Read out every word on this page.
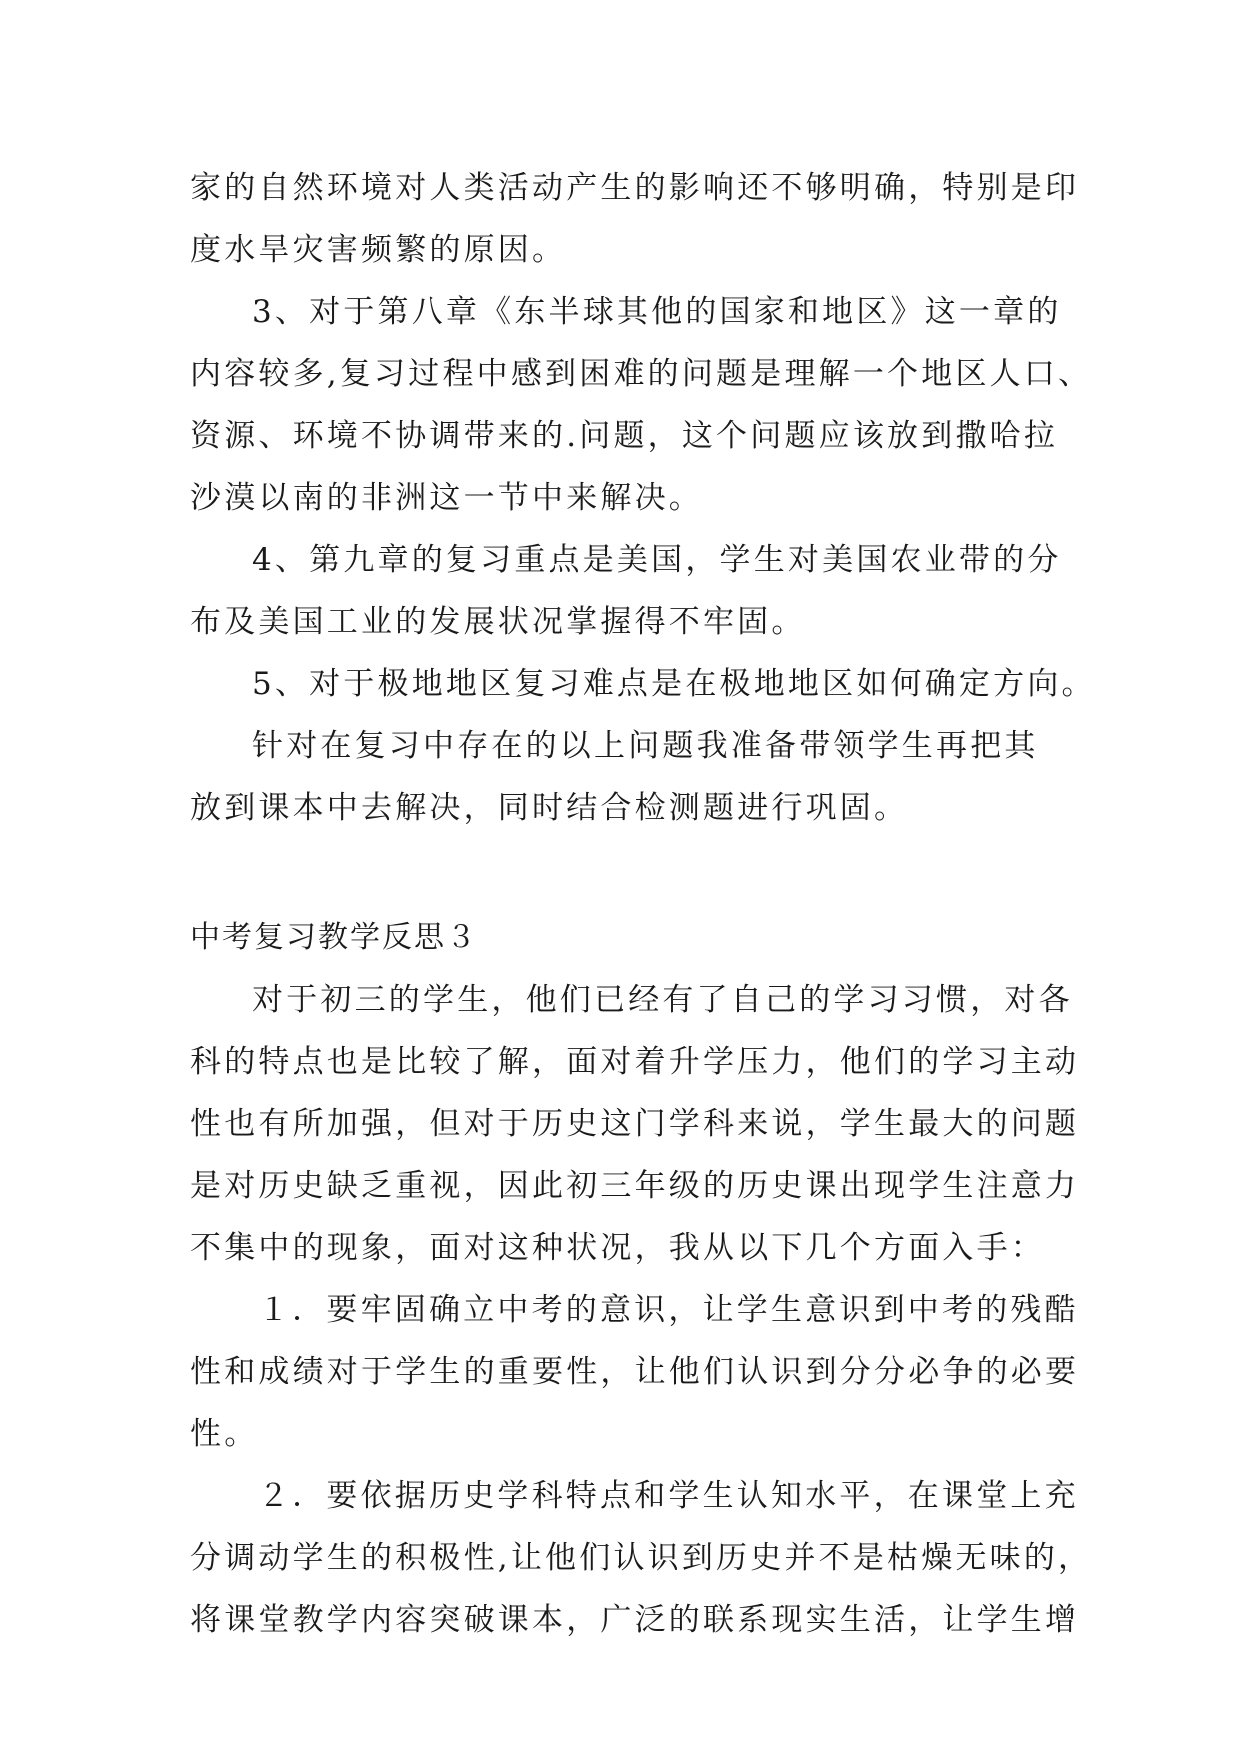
家的自然环境对人类活动产生的影响还不够明确，特别是印
度水旱灾害频繁的原因。
3、对于第八章《东半球其他的国家和地区》这一章的
内容较多,复习过程中感到困难的问题是理解一个地区人口、
资源、环境不协调带来的.问题，这个问题应该放到撒哈拉
沙漠以南的非洲这一节中来解决。
4、第九章的复习重点是美国，学生对美国农业带的分
布及美国工业的发展状况掌握得不牢固。
5、对于极地地区复习难点是在极地地区如何确定方向。
针对在复习中存在的以上问题我准备带领学生再把其
放到课本中去解决，同时结合检测题进行巩固。
中考复习教学反思３
对于初三的学生，他们已经有了自己的学习习惯，对各
科的特点也是比较了解，面对着升学压力，他们的学习主动
性也有所加强，但对于历史这门学科来说，学生最大的问题
是对历史缺乏重视，因此初三年级的历史课出现学生注意力
不集中的现象，面对这种状况，我从以下几个方面入手：
１．要牢固确立中考的意识，让学生意识到中考的残酷
性和成绩对于学生的重要性，让他们认识到分分必争的必要
性。
２．要依据历史学科特点和学生认知水平，在课堂上充
分调动学生的积极性,让他们认识到历史并不是枯燥无味的，
将课堂教学内容突破课本，广泛的联系现实生活，让学生增
